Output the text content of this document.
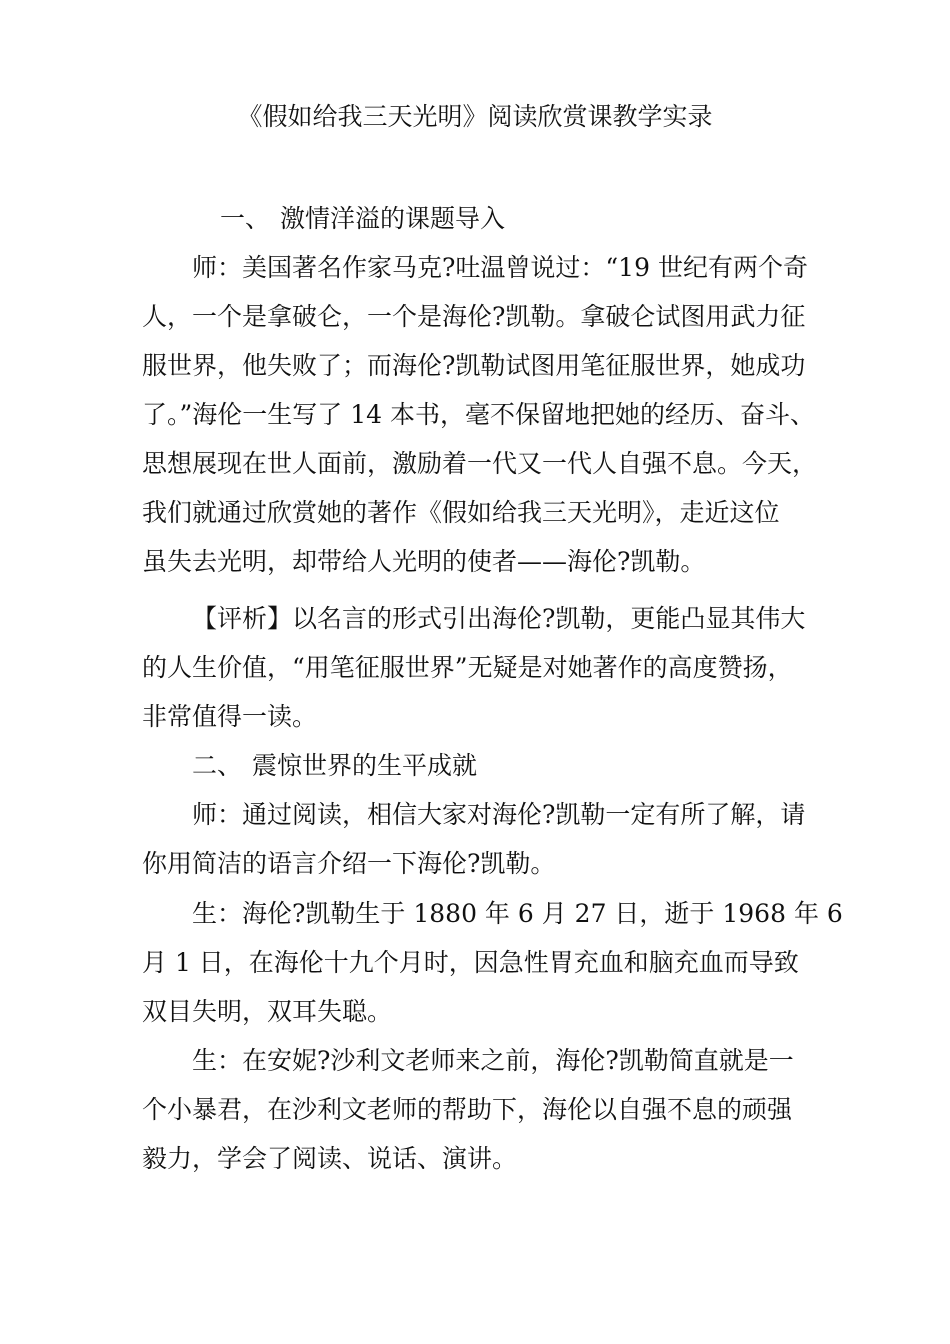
《假如给我三天光明》阅读欣赏课教学实录
一、 激情洋溢的课题导入
师：美国著名作家马克?吐温曾说过：“19 世纪有两个奇
人，一个是拿破仑，一个是海伦?凯勒。拿破仑试图用武力征
服世界，他失败了；而海伦?凯勒试图用笔征服世界，她成功
了。”海伦一生写了 14 本书，毫不保留地把她的经历、奋斗、
思想展现在世人面前，激励着一代又一代人自强不息。今天，
我们就通过欣赏她的著作《假如给我三天光明》，走近这位
虽失去光明，却带给人光明的使者——海伦?凯勒。
【评析】以名言的形式引出海伦?凯勒，更能凸显其伟大
的人生价值，“用笔征服世界”无疑是对她著作的高度赞扬，
非常值得一读。
二、 震惊世界的生平成就
师：通过阅读，相信大家对海伦?凯勒一定有所了解，请
你用简洁的语言介绍一下海伦?凯勒。
生：海伦?凯勒生于 1880 年 6 月 27 日，逝于 1968 年 6
月 1 日，在海伦十九个月时，因急性胃充血和脑充血而导致
双目失明，双耳失聪。
生：在安妮?沙利文老师来之前，海伦?凯勒简直就是一
个小暴君，在沙利文老师的帮助下，海伦以自强不息的顽强
毅力，学会了阅读、说话、演讲。
